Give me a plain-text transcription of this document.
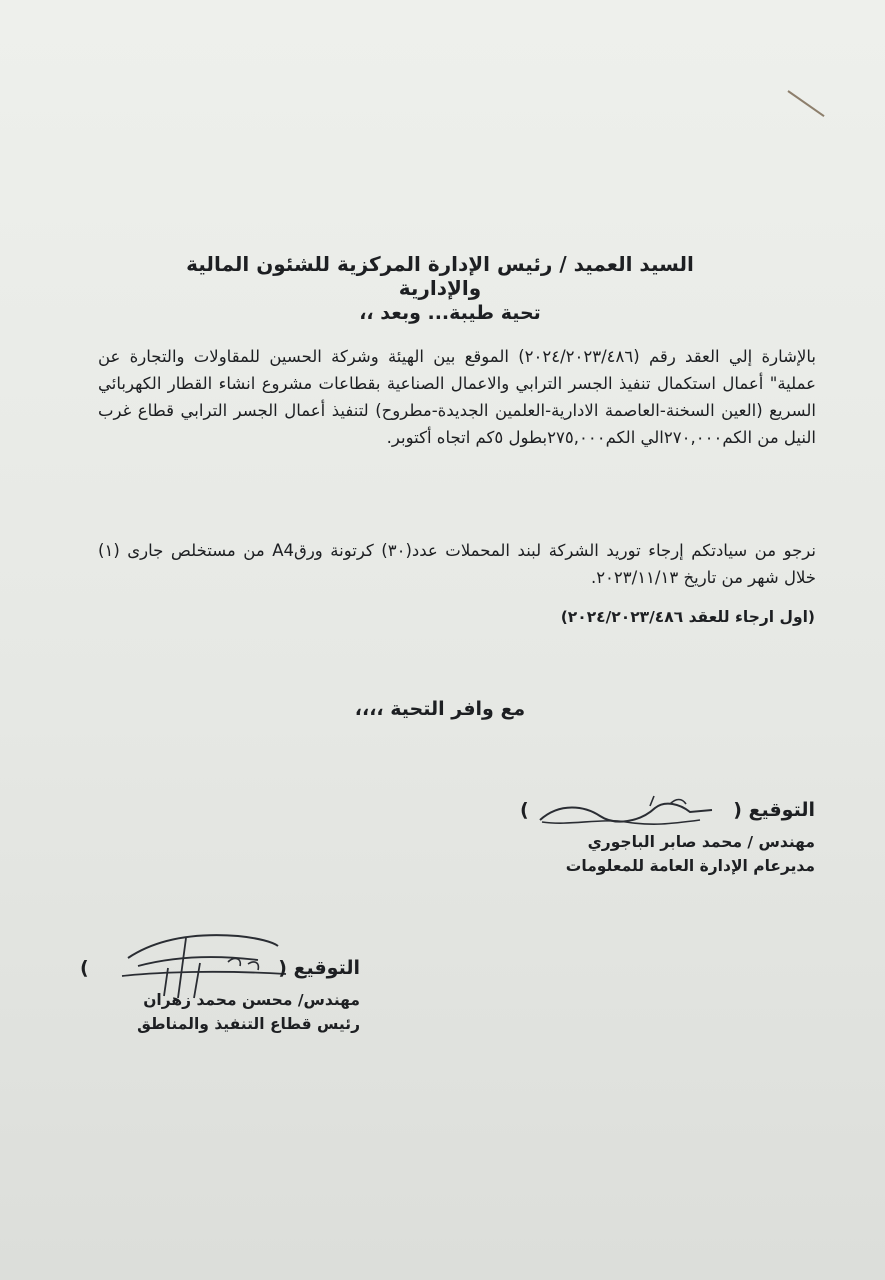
السيد العميد / رئيس الإدارة المركزية للشئون المالية والإدارية
تحية طيبة... وبعد ،،
بالإشارة إلي العقد رقم (٢٠٢٤/٢٠٢٣/٤٨٦) الموقع بين الهيئة وشركة الحسين للمقاولات والتجارة عن عملية" أعمال استكمال تنفيذ الجسر الترابي والاعمال الصناعية بقطاعات مشروع انشاء القطار الكهربائي السريع (العين السخنة-العاصمة الادارية-العلمين الجديدة-مطروح) لتنفيذ أعمال الجسر الترابي قطاع غرب النيل من الكم٢٧٠,٠٠٠الي الكم٢٧٥,٠٠٠بطول ٥كم اتجاه أكتوبر.
نرجو من سيادتكم إرجاء توريد الشركة لبند المحملات عدد(٣٠) كرتونة ورقA4 من مستخلص جارى (١) خلال شهر من تاريخ ٢٠٢٣/١١/١٣.
(اول ارجاء للعقد ٢٠٢٤/٢٠٢٣/٤٨٦)
مع وافر التحية ،،،،
التوقيع (
)
مهندس / محمد صابر الباجوري
مديرعام الإدارة العامة للمعلومات
التوقيع (
)
مهندس/ محسن محمد زهران
رئيس قطاع التنفيذ والمناطق
